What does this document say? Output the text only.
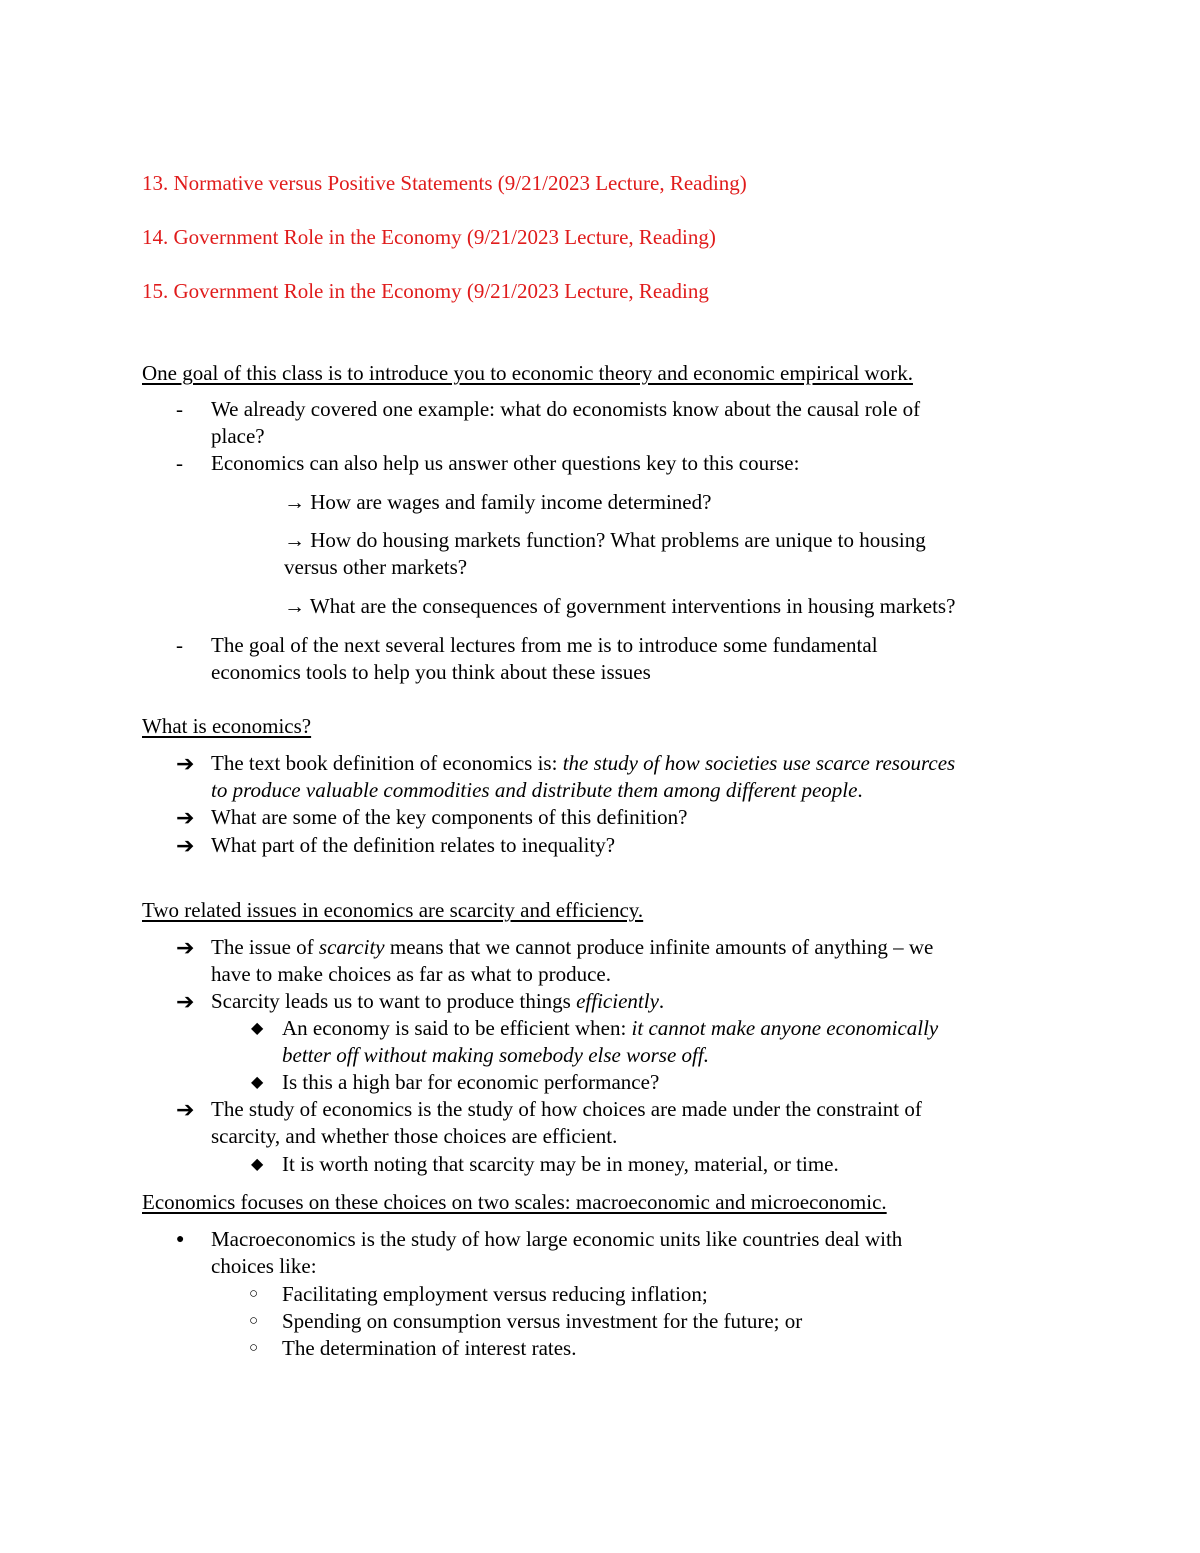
13. Normative versus Positive Statements (9/21/2023 Lecture, Reading)
14. Government Role in the Economy (9/21/2023 Lecture, Reading)
15. Government Role in the Economy (9/21/2023 Lecture, Reading
One goal of this class is to introduce you to economic theory and economic empirical work.
- We already covered one example: what do economists know about the causal role of
place?
- Economics can also help us answer other questions key to this course:
→ How are wages and family income determined?
→ How do housing markets function? What problems are unique to housing
versus other markets?
→ What are the consequences of government interventions in housing markets?
- The goal of the next several lectures from me is to introduce some fundamental
economics tools to help you think about these issues
What is economics?
➔ The text book definition of economics is: the study of how societies use scarce resources
to produce valuable commodities and distribute them among different people.
➔ What are some of the key components of this definition?
➔ What part of the definition relates to inequality?
Two related issues in economics are scarcity and efficiency.
➔ The issue of scarcity means that we cannot produce infinite amounts of anything – we
have to make choices as far as what to produce.
➔ Scarcity leads us to want to produce things efficiently.
◆ An economy is said to be efficient when: it cannot make anyone economically
better off without making somebody else worse off.
◆ Is this a high bar for economic performance?
➔ The study of economics is the study of how choices are made under the constraint of
scarcity, and whether those choices are efficient.
◆ It is worth noting that scarcity may be in money, material, or time.
Economics focuses on these choices on two scales: macroeconomic and microeconomic.
● Macroeconomics is the study of how large economic units like countries deal with
choices like:
○ Facilitating employment versus reducing inflation;
○ Spending on consumption versus investment for the future; or
○ The determination of interest rates.
